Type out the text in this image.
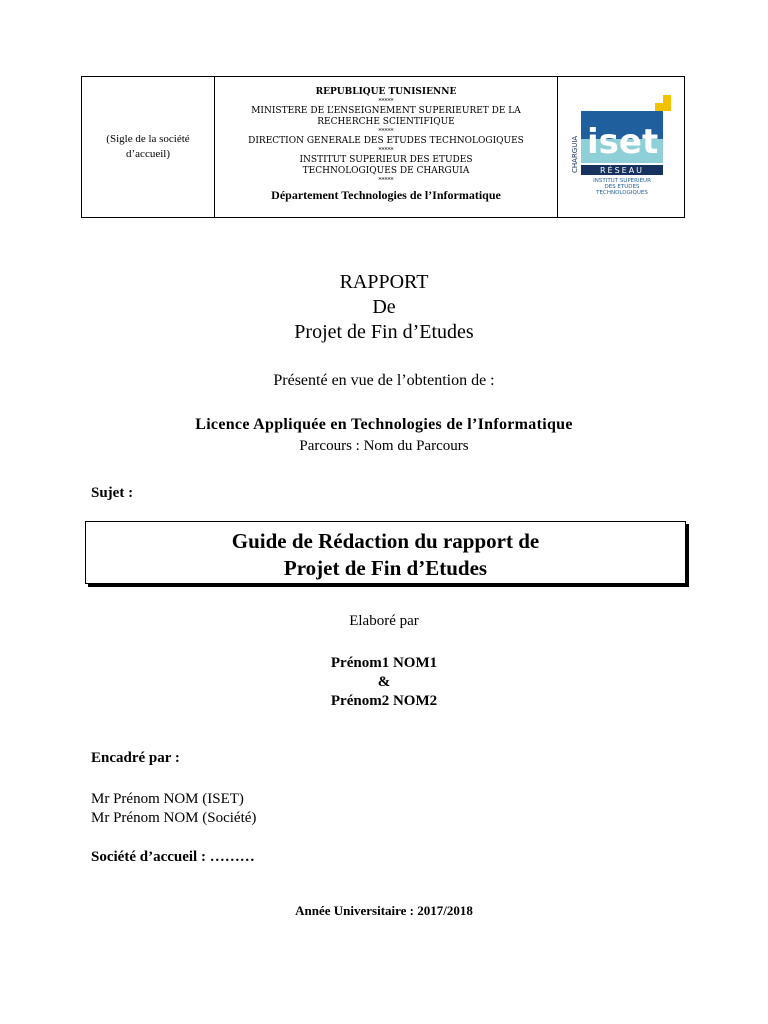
(Sigle de la société d’accueil)
REPUBLIQUE TUNISIENNE
*****
MINISTERE DE L’ENSEIGNEMENT SUPERIEURET DE LA RECHERCHE SCIENTIFIQUE
*****
DIRECTION GENERALE DES ETUDES TECHNOLOGIQUES
*****
INSTITUT SUPERIEUR DES ETUDES TECHNOLOGIQUES DE CHARGUIA
*****
Département Technologies de l’Informatique
CHARGUIA iset
RÉSEAU
INSTITUT SUPERIEUR
DES ETUDES
TECHNOLOGIQUES
RAPPORT
De
Projet de Fin d’Etudes
Présenté en vue de l’obtention de :
Licence Appliquée en Technologies de l’Informatique
Parcours : Nom du Parcours
Sujet :
Guide de Rédaction du rapport de
Projet de Fin d’Etudes
Elaboré par
Prénom1 NOM1
&
Prénom2 NOM2
Encadré par :
Mr Prénom NOM (ISET)
Mr Prénom NOM (Société)
Société d’accueil : ………
Année Universitaire : 2017/2018
